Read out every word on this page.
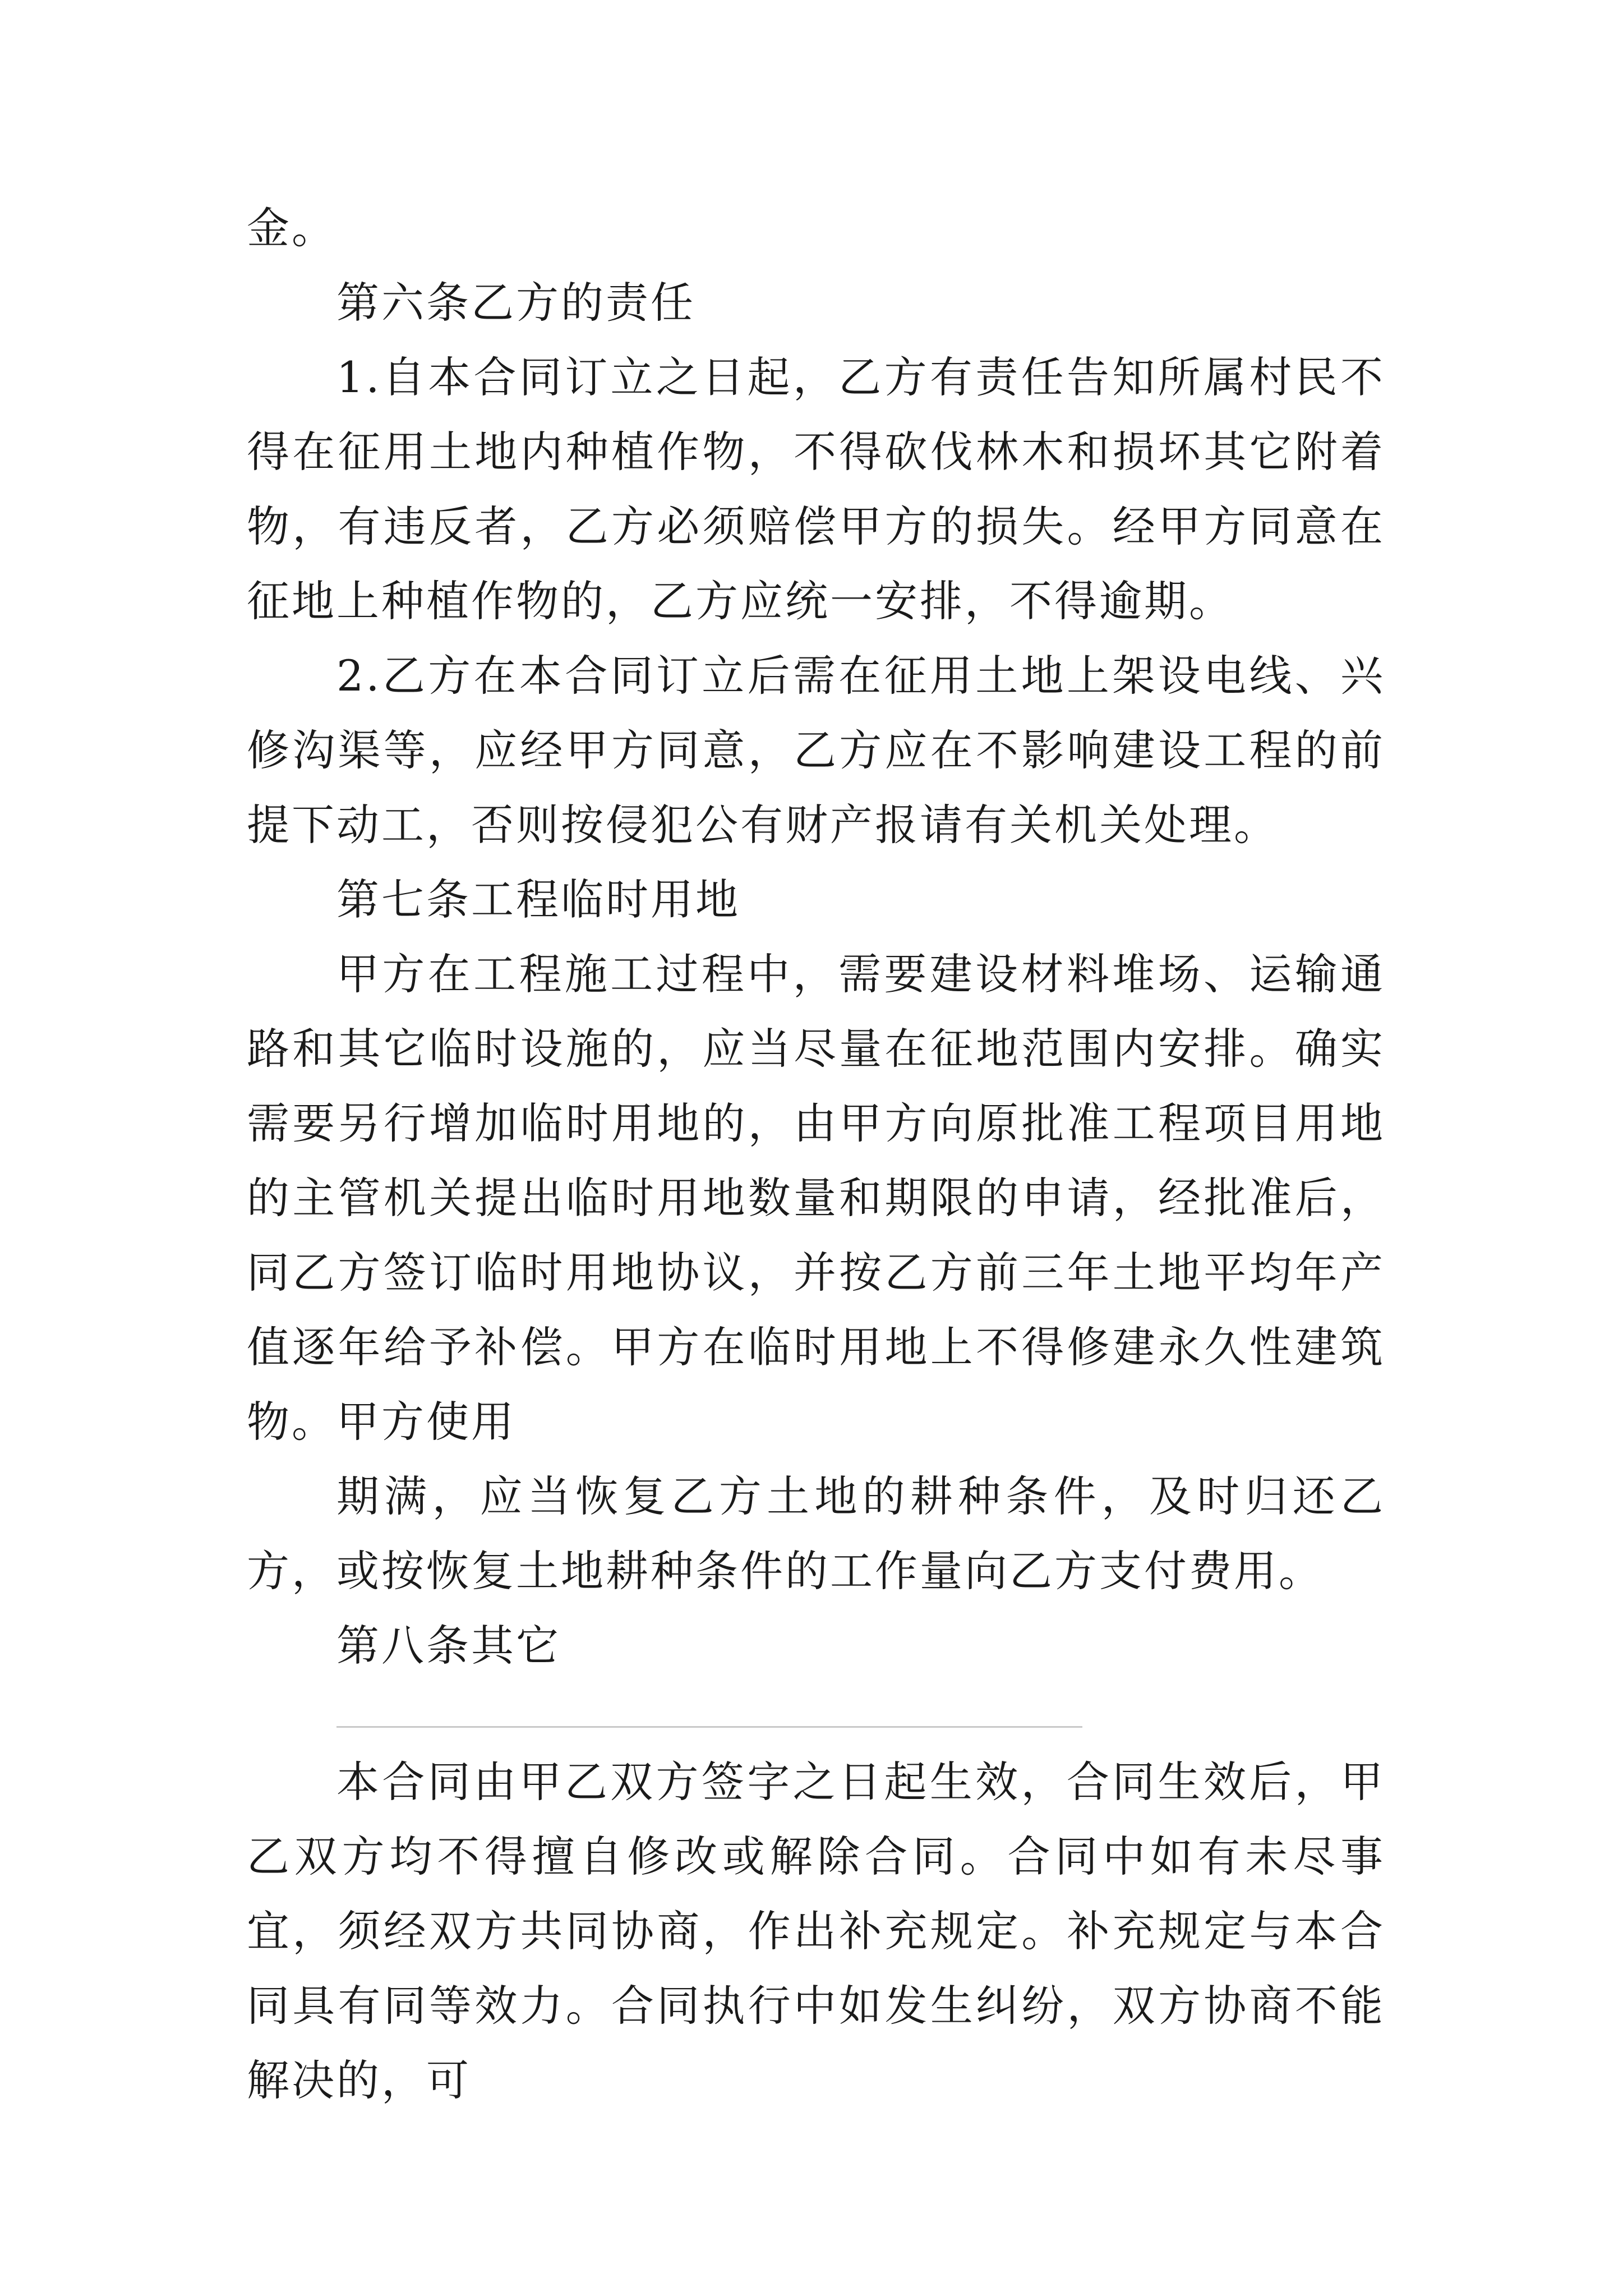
金。

第六条乙方的责任

1.自本合同订立之日起，乙方有责任告知所属村民不得在征用土地内种植作物，不得砍伐林木和损坏其它附着物，有违反者，乙方必须赔偿甲方的损失。经甲方同意在征地上种植作物的，乙方应统一安排，不得逾期。

2.乙方在本合同订立后需在征用土地上架设电线、兴修沟渠等，应经甲方同意，乙方应在不影响建设工程的前提下动工，否则按侵犯公有财产报请有关机关处理。

第七条工程临时用地

甲方在工程施工过程中，需要建设材料堆场、运输通路和其它临时设施的，应当尽量在征地范围内安排。确实需要另行增加临时用地的，由甲方向原批准工程项目用地的主管机关提出临时用地数量和期限的申请，经批准后，同乙方签订临时用地协议，并按乙方前三年土地平均年产值逐年给予补偿。甲方在临时用地上不得修建永久性建筑物。甲方使用

期满，应当恢复乙方土地的耕种条件，及时归还乙方，或按恢复土地耕种条件的工作量向乙方支付费用。

第八条其它

本合同由甲乙双方签字之日起生效，合同生效后，甲乙双方均不得擅自修改或解除合同。合同中如有未尽事宜，须经双方共同协商，作出补充规定。补充规定与本合同具有同等效力。合同执行中如发生纠纷，双方协商不能解决的，可
